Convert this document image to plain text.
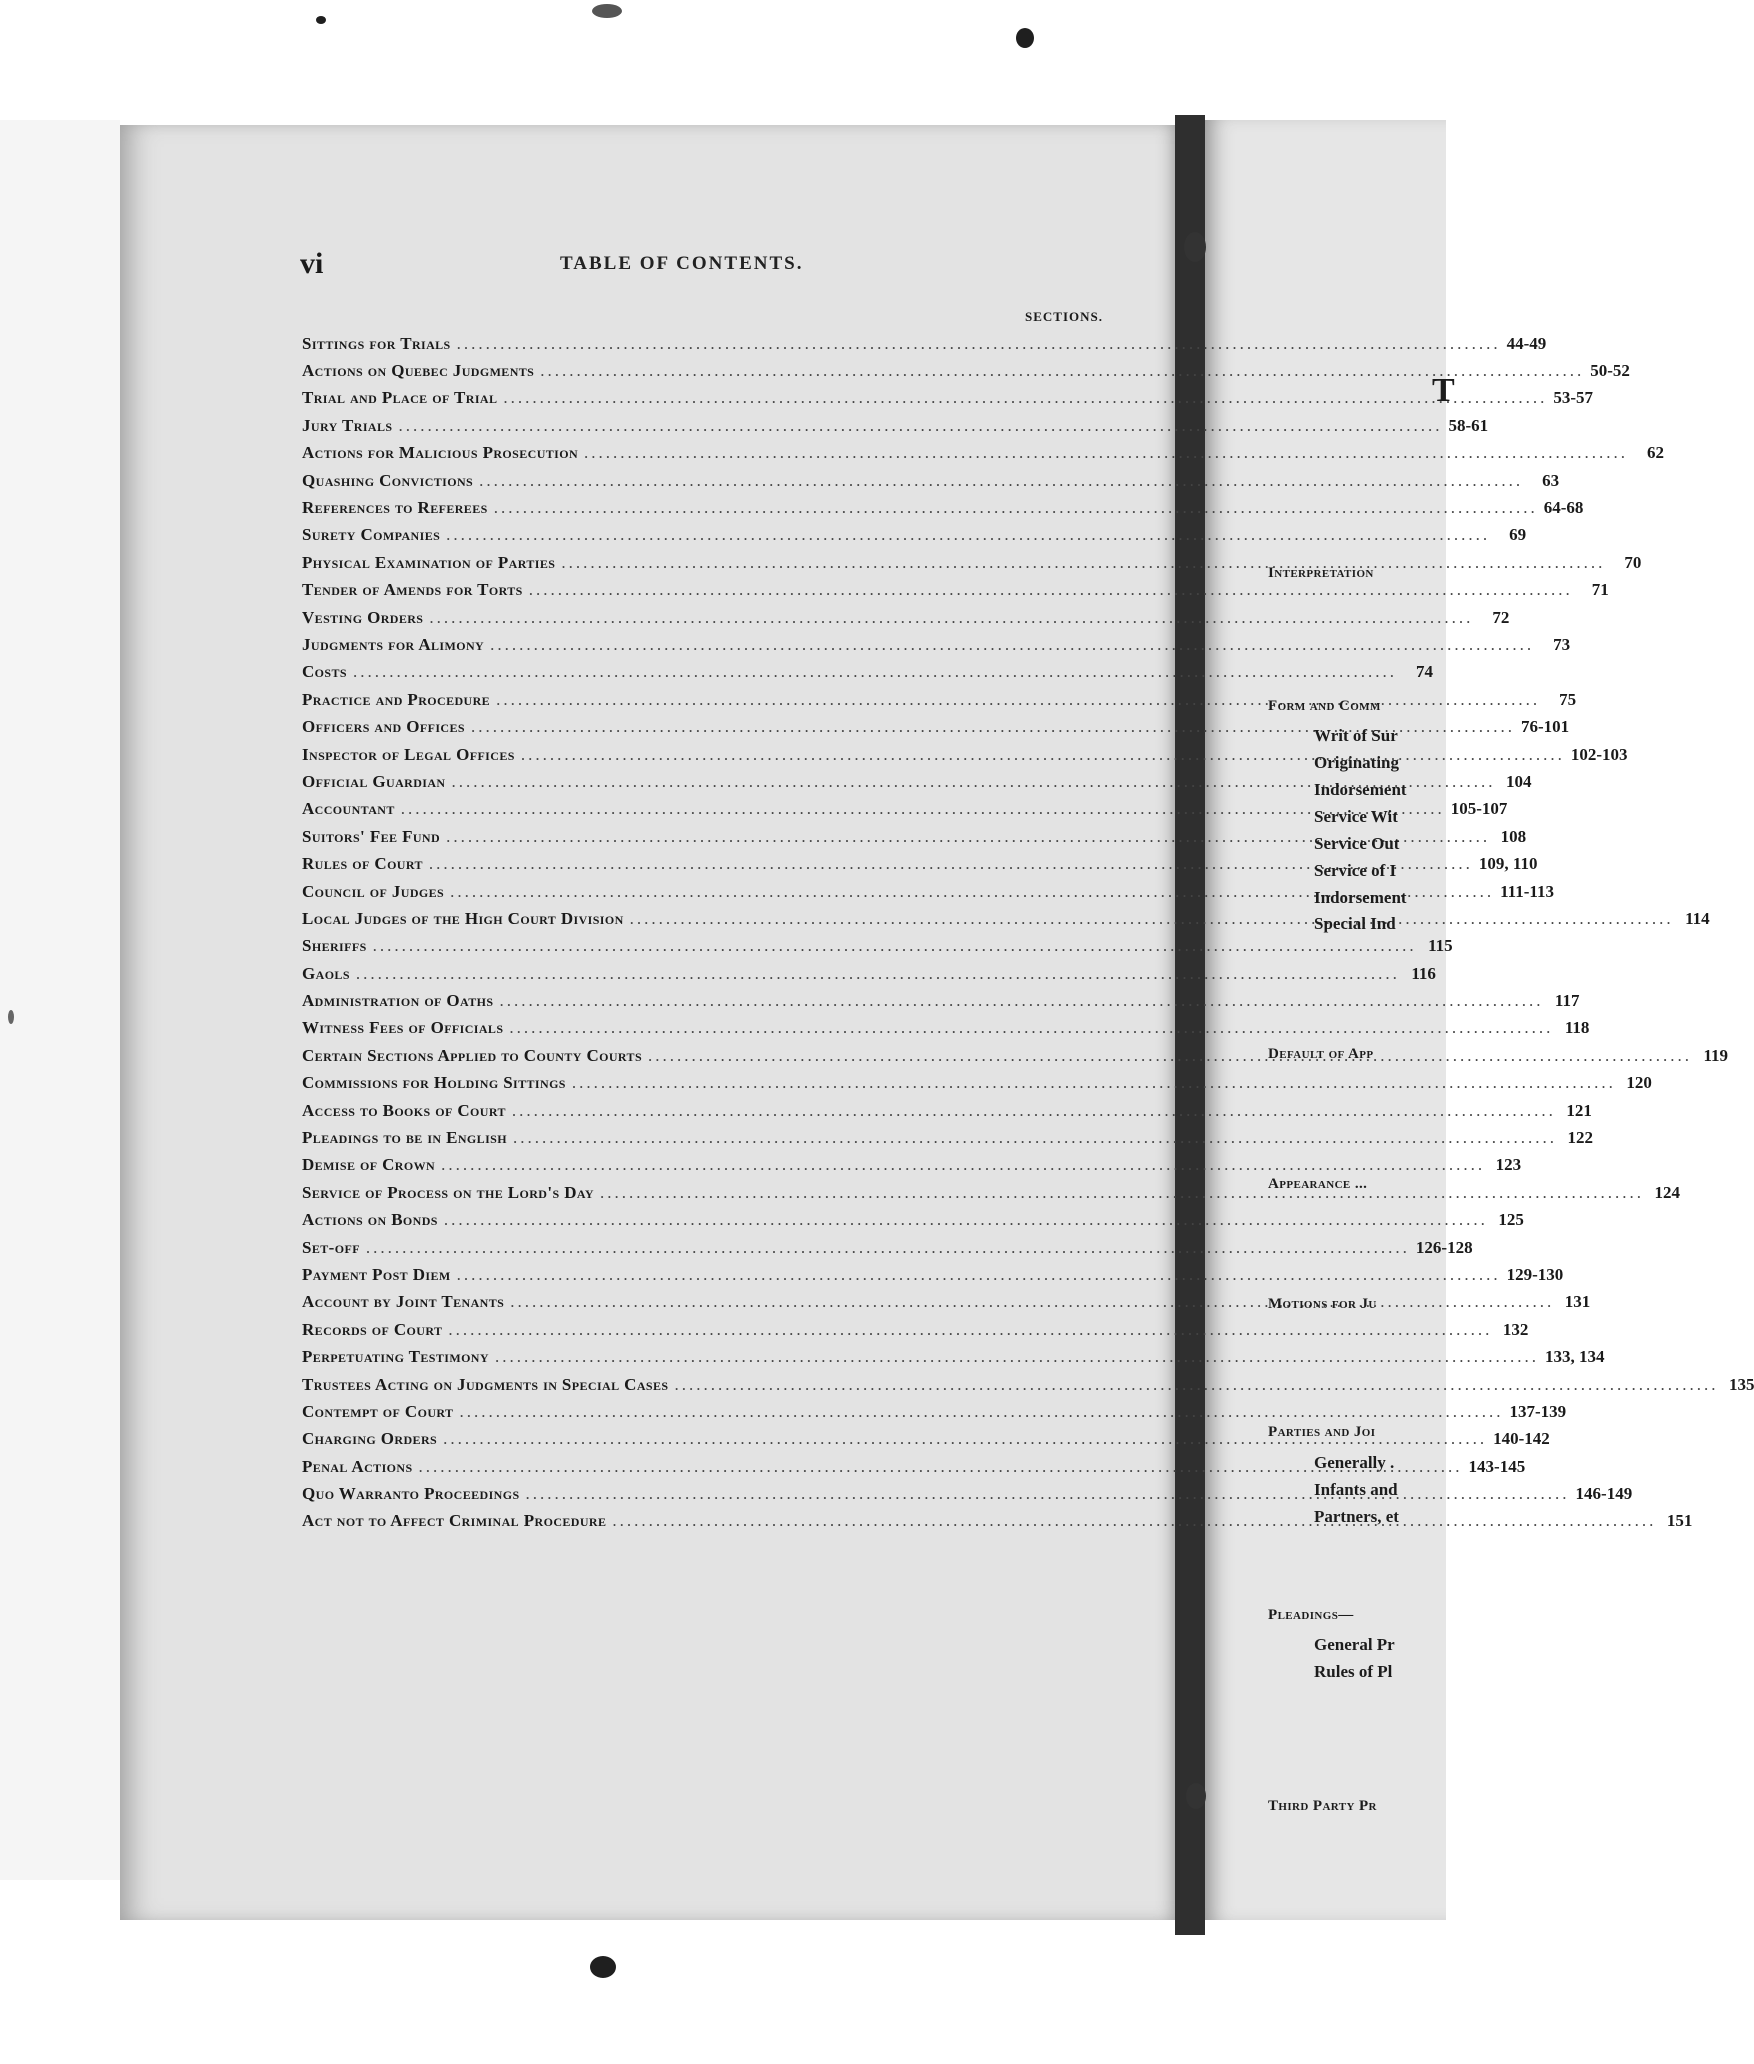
vi	TABLE OF CONTENTS.
SECTIONS.
Sittings for Trials .....	44-49
Actions on Quebec Judgments .....	50-52
Trial and Place of Trial .....	53-57
Jury Trials .....	58-61
Actions for Malicious Prosecution .....	62
Quashing Convictions .....	63
References to Referees .....	64-68
Surety Companies .....	69
Physical Examination of Parties .....	70
Tender of Amends for Torts .....	71
Vesting Orders .....	72
Judgments for Alimony .....	73
Costs .....	74
Practice and Procedure .....	75
Officers and Offices .....	76-101
Inspector of Legal Offices .....	102-103
Official Guardian .....	104
Accountant .....	105-107
Suitors' Fee Fund .....	108
Rules of Court .....	109, 110
Council of Judges .....	111-113
Local Judges of the High Court Division .....	114
Sheriffs .....	115
Gaols .....	116
Administration of Oaths .....	117
Witness Fees of Officials .....	118
Certain Sections Applied to County Courts .....	119
Commissions for Holding Sittings .....	120
Access to Books of Court .....	121
Pleadings to be in English .....	122
Demise of Crown .....	123
Service of Process on the Lord's Day .....	124
Actions on Bonds .....	125
Set-off .....	126-128
Payment Post Diem .....	129-130
Account by Joint Tenants .....	131
Records of Court .....	132
Perpetuating Testimony .....	133, 134
Trustees Acting on Judgments in Special Cases .....	135
Contempt of Court .....	137-139
Charging Orders .....	140-142
Penal Actions .....	143-145
Quo Warranto Proceedings .....	146-149
Act not to Affect Criminal Procedure .....	151
T
Interpretation
Form and Comm
Writ of Sur
Originating
Indorsement
Service Wit
Service Out
Service of I
Indorsement
Special Ind
Default of App
Appearance ...
Motions for Ju
Parties and Joi
Generally .
Infants and
Partners, et
Pleadings—
General Pr
Rules of Pl
Third Party Pr
